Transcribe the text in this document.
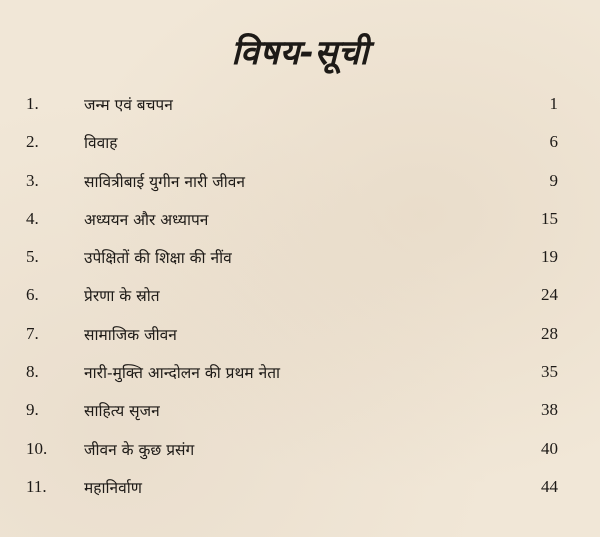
विषय-सूची
1.	जन्म एवं बचपन	1
2.	विवाह	6
3.	सावित्रीबाई युगीन नारी जीवन	9
4.	अध्ययन और अध्यापन	15
5.	उपेक्षितों की शिक्षा की नींव	19
6.	प्रेरणा के स्रोत	24
7.	सामाजिक जीवन	28
8.	नारी-मुक्ति आन्दोलन की प्रथम नेता	35
9.	साहित्य सृजन	38
10.	जीवन के कुछ प्रसंग	40
11.	महानिर्वाण	44
